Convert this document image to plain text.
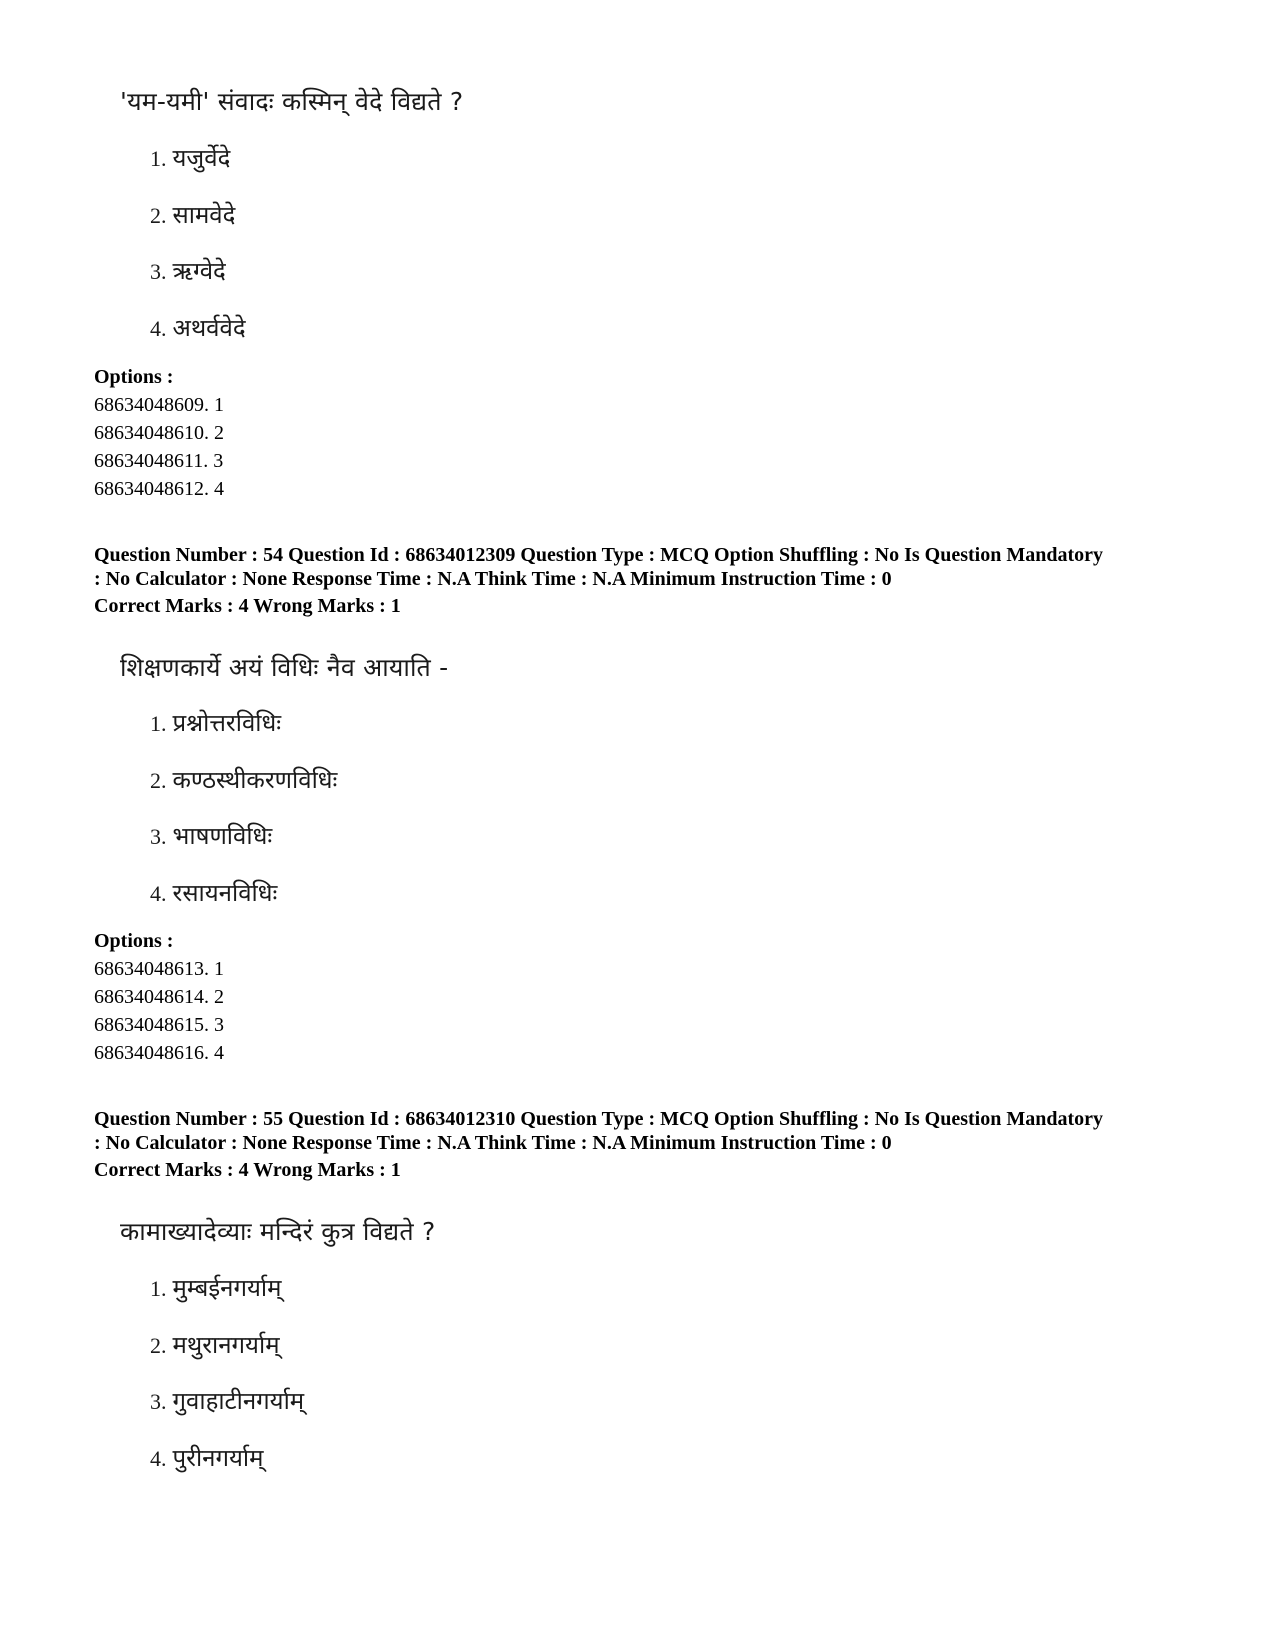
'यम-यमी' संवादः कस्मिन् वेदे विद्यते ?
1. यजुर्वेदे
2. सामवेदे
3. ऋग्वेदे
4. अथर्ववेदे
Options :
68634048609. 1
68634048610. 2
68634048611. 3
68634048612. 4
Question Number : 54 Question Id : 68634012309 Question Type : MCQ Option Shuffling : No Is Question Mandatory
: No Calculator : None Response Time : N.A Think Time : N.A Minimum Instruction Time : 0
Correct Marks : 4 Wrong Marks : 1
शिक्षणकार्ये अयं विधिः नैव आयाति -
1. प्रश्नोत्तरविधिः
2. कण्ठस्थीकरणविधिः
3. भाषणविधिः
4. रसायनविधिः
Options :
68634048613. 1
68634048614. 2
68634048615. 3
68634048616. 4
Question Number : 55 Question Id : 68634012310 Question Type : MCQ Option Shuffling : No Is Question Mandatory
: No Calculator : None Response Time : N.A Think Time : N.A Minimum Instruction Time : 0
Correct Marks : 4 Wrong Marks : 1
कामाख्यादेव्याः मन्दिरं कुत्र विद्यते ?
1. मुम्बईनगर्याम्
2. मथुरानगर्याम्
3. गुवाहाटीनगर्याम्
4. पुरीनगर्याम्
